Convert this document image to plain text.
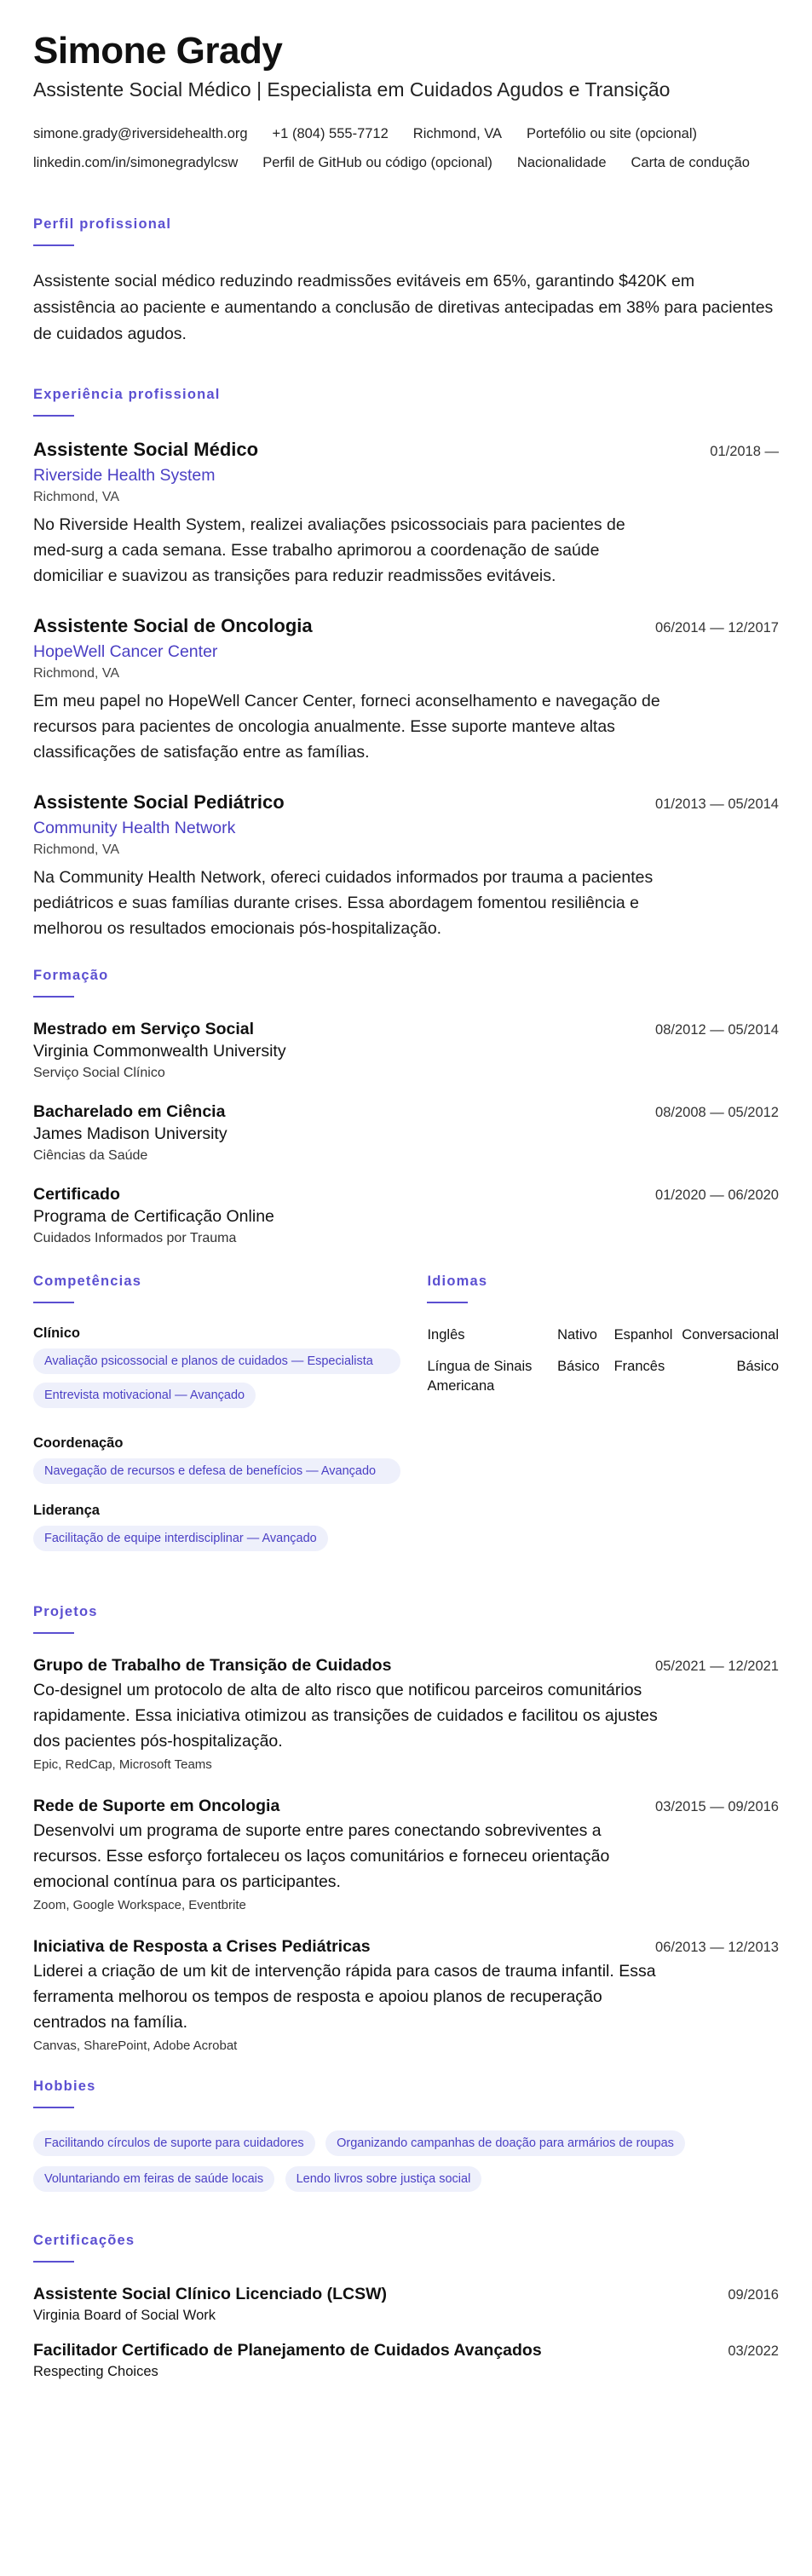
Simone Grady
Assistente Social Médico | Especialista em Cuidados Agudos e Transição
simone.grady@riversidehealth.org +1 (804) 555-7712 Richmond, VA Portefólio ou site (opcional)
linkedin.com/in/simonegradylcsw Perfil de GitHub ou código (opcional) Nacionalidade Carta de condução
Perfil profissional
Assistente social médico reduzindo readmissões evitáveis em 65%, garantindo $420K em assistência ao paciente e aumentando a conclusão de diretivas antecipadas em 38% para pacientes de cuidados agudos.
Experiência profissional
Assistente Social Médico	01/2018 —
Riverside Health System
Richmond, VA
No Riverside Health System, realizei avaliações psicossociais para pacientes de med-surg a cada semana. Esse trabalho aprimorou a coordenação de saúde domiciliar e suavizou as transições para reduzir readmissões evitáveis.
Assistente Social de Oncologia	06/2014 — 12/2017
HopeWell Cancer Center
Richmond, VA
Em meu papel no HopeWell Cancer Center, forneci aconselhamento e navegação de recursos para pacientes de oncologia anualmente. Esse suporte manteve altas classificações de satisfação entre as famílias.
Assistente Social Pediátrico	01/2013 — 05/2014
Community Health Network
Richmond, VA
Na Community Health Network, ofereci cuidados informados por trauma a pacientes pediátricos e suas famílias durante crises. Essa abordagem fomentou resiliência e melhorou os resultados emocionais pós-hospitalização.
Formação
Mestrado em Serviço Social	08/2012 — 05/2014
Virginia Commonwealth University
Serviço Social Clínico
Bacharelado em Ciência	08/2008 — 05/2012
James Madison University
Ciências da Saúde
Certificado	01/2020 — 06/2020
Programa de Certificação Online
Cuidados Informados por Trauma
Competências
Clínico
Avaliação psicossocial e planos de cuidados — Especialista
Entrevista motivacional — Avançado
Coordenação
Navegação de recursos e defesa de benefícios — Avançado
Liderança
Facilitação de equipe interdisciplinar — Avançado
Idiomas
Inglês	Nativo	Espanhol	Conversacional
Língua de Sinais Americana	Básico	Francês	Básico
Projetos
Grupo de Trabalho de Transição de Cuidados	05/2021 — 12/2021
Co-designel um protocolo de alta de alto risco que notificou parceiros comunitários rapidamente. Essa iniciativa otimizou as transições de cuidados e facilitou os ajustes dos pacientes pós-hospitalização.
Epic, RedCap, Microsoft Teams
Rede de Suporte em Oncologia	03/2015 — 09/2016
Desenvolvi um programa de suporte entre pares conectando sobreviventes a recursos. Esse esforço fortaleceu os laços comunitários e forneceu orientação emocional contínua para os participantes.
Zoom, Google Workspace, Eventbrite
Iniciativa de Resposta a Crises Pediátricas	06/2013 — 12/2013
Liderei a criação de um kit de intervenção rápida para casos de trauma infantil. Essa ferramenta melhorou os tempos de resposta e apoiou planos de recuperação centrados na família.
Canvas, SharePoint, Adobe Acrobat
Hobbies
Facilitando círculos de suporte para cuidadores	Organizando campanhas de doação para armários de roupas Voluntariando em feiras de saúde locais	Lendo livros sobre justiça social
Certificações
Assistente Social Clínico Licenciado (LCSW)	09/2016
Virginia Board of Social Work
Facilitador Certificado de Planejamento de Cuidados Avançados	03/2022
Respecting Choices
